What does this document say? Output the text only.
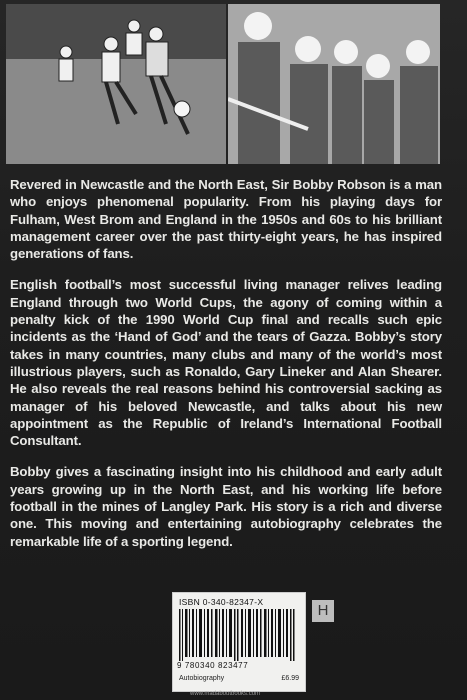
Revered in Newcastle and the North East, Sir Bobby Robson is a man who enjoys phenomenal popularity. From his playing days for Fulham, West Brom and England in the 1950s and 60s to his brilliant management career over the past thirty-eight years, he has inspired generations of fans.

English football’s most successful living manager relives leading England through two World Cups, the agony of coming within a penalty kick of the 1990 World Cup final and recalls such epic incidents as the ‘Hand of God’ and the tears of Gazza. Bobby’s story takes in many countries, many clubs and many of the world’s most illustrious players, such as Ronaldo, Gary Lineker and Alan Shearer. He also reveals the real reasons behind his controversial sacking as manager of his beloved Newcastle, and talks about his new appointment as the Republic of Ireland’s International Football Consultant.

Bobby gives a fascinating insight into his childhood and early adult years growing up in the North East, and his working life before football in the mines of Langley Park. His story is a rich and diverse one. This moving and entertaining autobiography celebrates the remarkable life of a sporting legend.

ISBN 0-340-82347-X
9 780340 823477
Autobiography	£6.99
H
www.madaboutbooks.com
